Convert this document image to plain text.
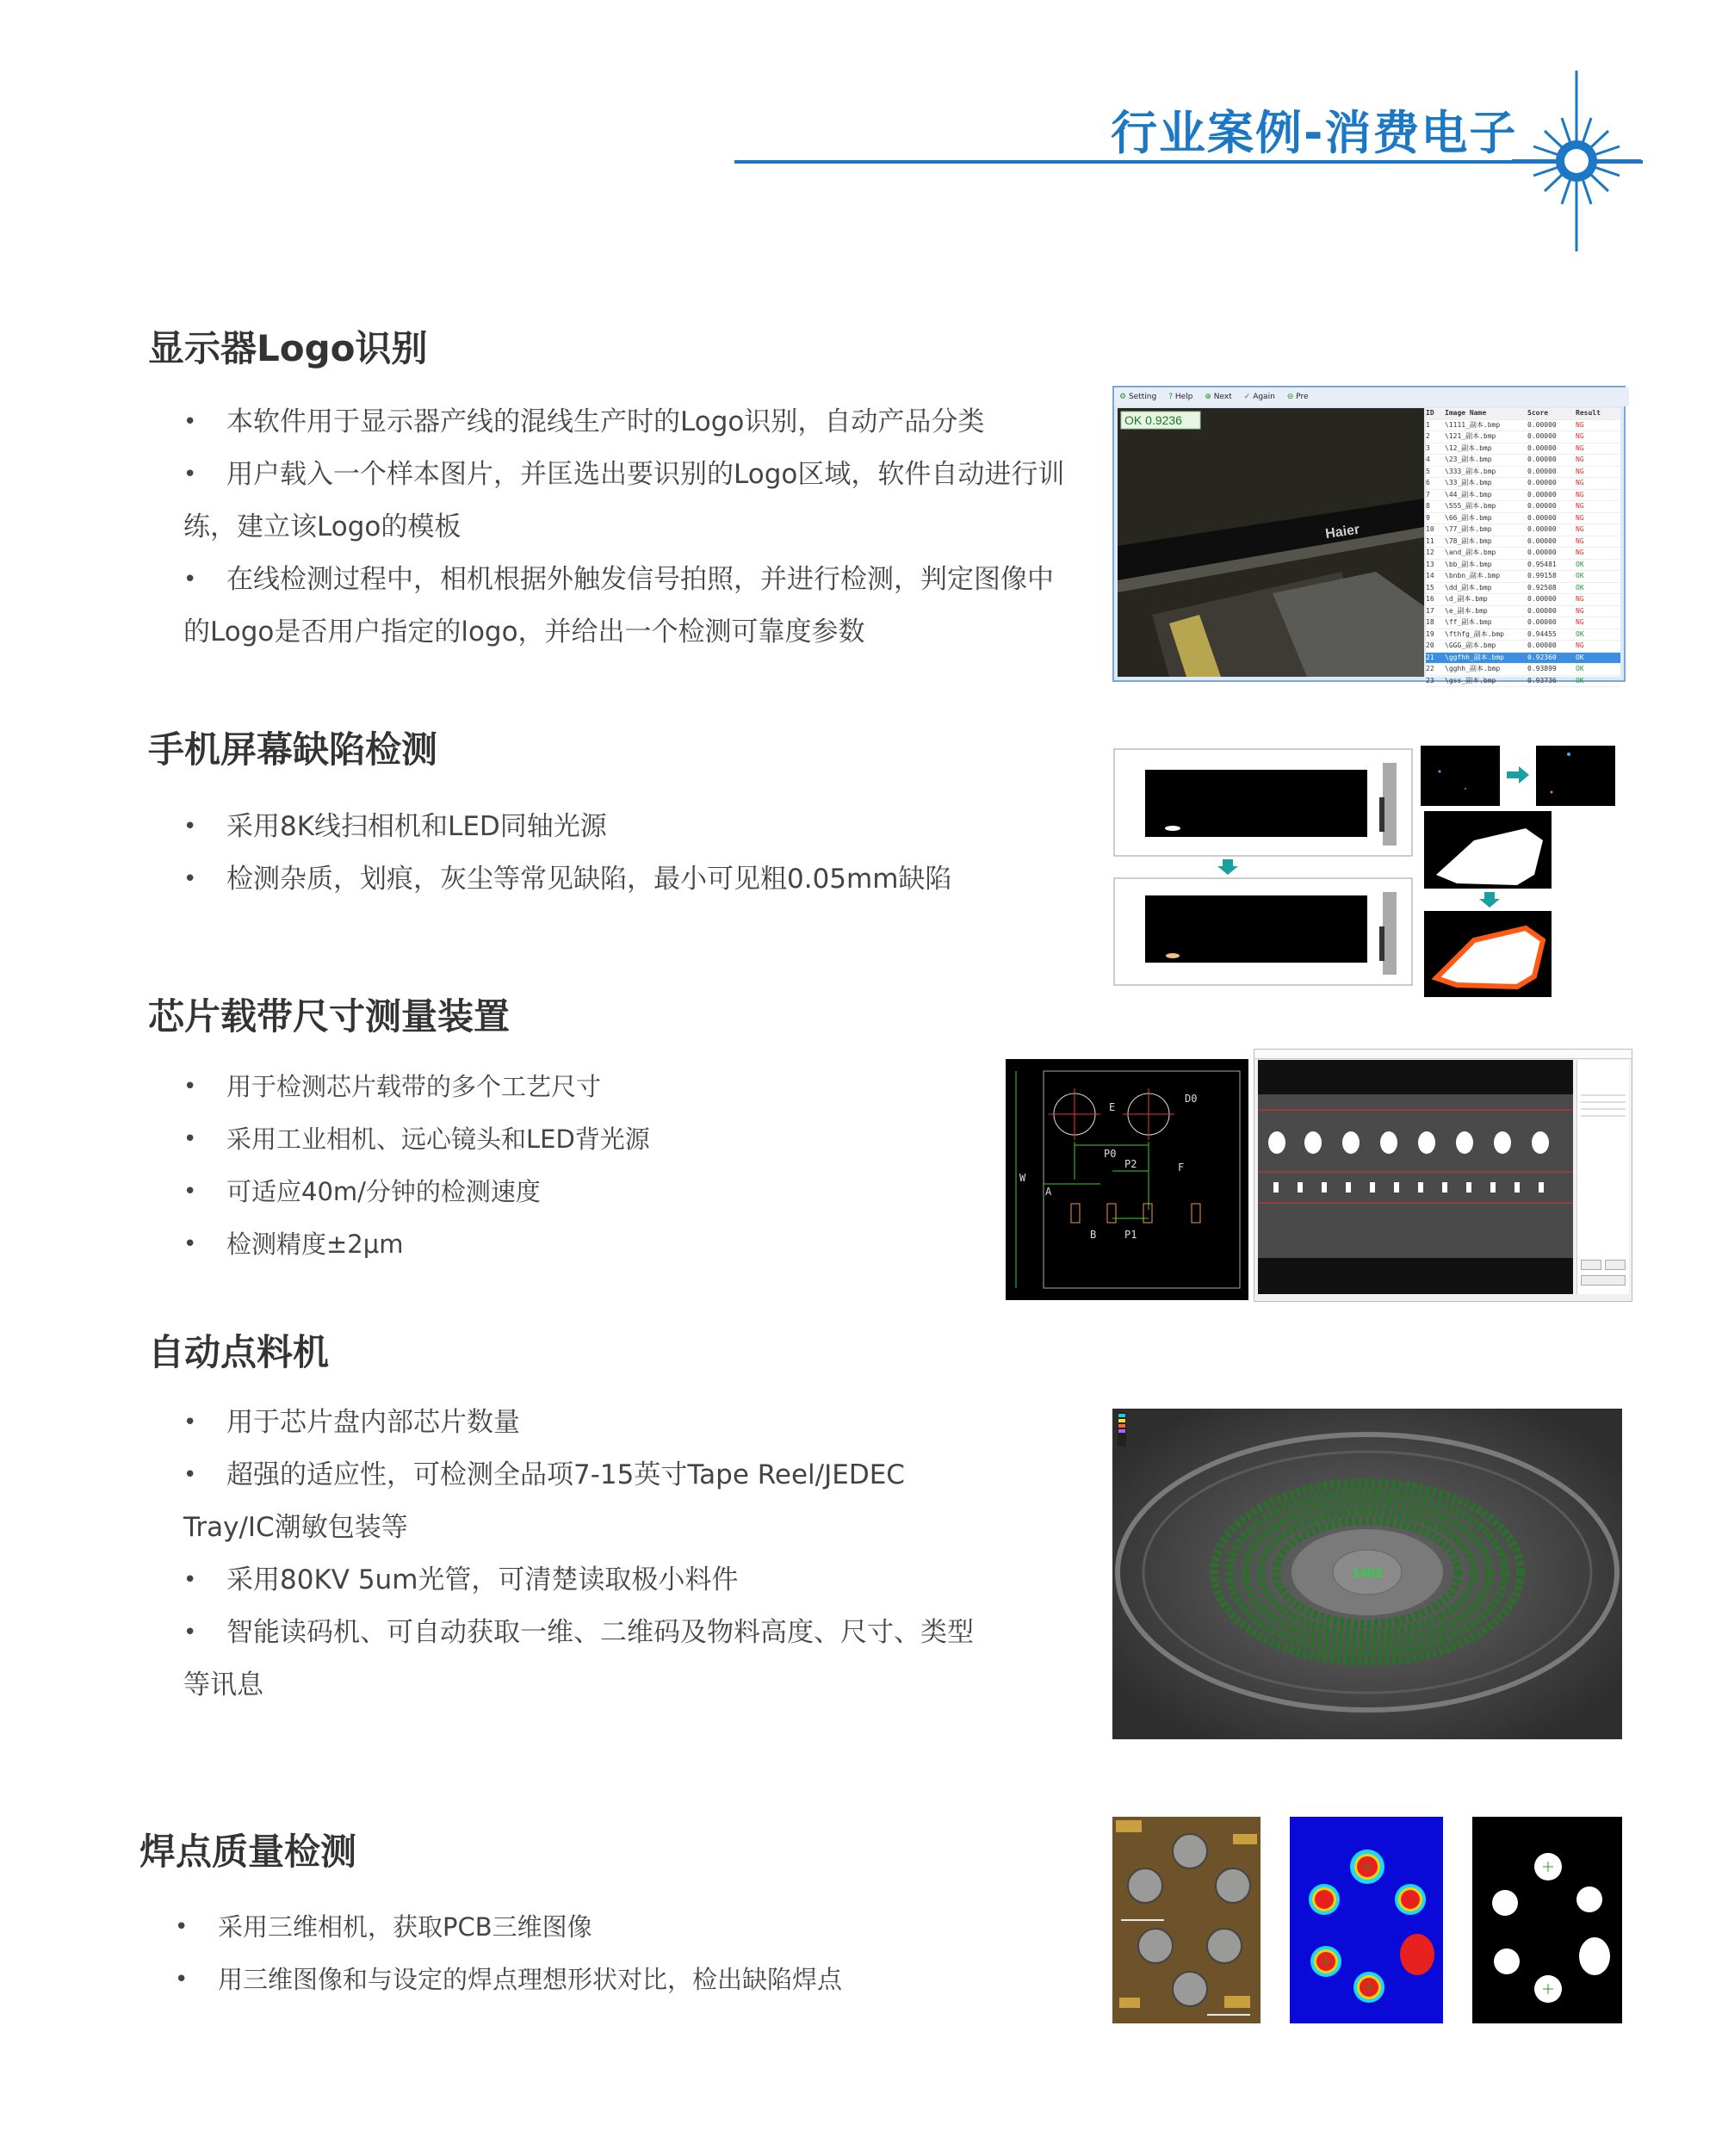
行业案例-消费电子
显示器Logo识别
• 本软件用于显示器产线的混线生产时的Logo识别，自动产品分类
• 用户载入一个样本图片，并匡选出要识别的Logo区域，软件自动进行训练，建立该Logo的模板
• 在线检测过程中，相机根据外触发信号拍照，并进行检测，判定图像中的Logo是否用户指定的logo，并给出一个检测可靠度参数
⚙ Setting ? Help ⊕ Next ✓ Again ⊖ Pre
Haier
OK 0.9236
ID	Image Name	Score	Result
1	\1111_副本.bmp	0.00000	NG
2	\121_副本.bmp	0.00000	NG
3	\12_副本.bmp	0.00000	NG
4	\23_副本.bmp	0.00000	NG
5	\333_副本.bmp	0.00000	NG
6	\33_副本.bmp	0.00000	NG
7	\44_副本.bmp	0.00000	NG
8	\555_副本.bmp	0.00000	NG
9	\66_副本.bmp	0.00000	NG
10	\77_副本.bmp	0.00000	NG
11	\78_副本.bmp	0.00000	NG
12	\and_副本.bmp	0.00000	NG
13	\bb_副本.bmp	0.95481	OK
14	\bnbn_副本.bmp	0.99158	OK
15	\dd_副本.bmp	0.92508	OK
16	\d_副本.bmp	0.00000	NG
17	\e_副本.bmp	0.00000	NG
18	\ff_副本.bmp	0.00000	NG
19	\fthfg_副本.bmp	0.94455	OK
20	\GGG_副本.bmp	0.00000	NG
21	\ggfhh_副本.bmp	0.92360	OK
22	\gghh_副本.bmp	0.93899	OK
23	\gss_副本.bmp	0.93736	OK
手机屏幕缺陷检测
• 采用8K线扫相机和LED同轴光源
• 检测杂质，划痕，灰尘等常见缺陷，最小可见粗0.05mm缺陷
芯片载带尺寸测量装置
• 用于检测芯片载带的多个工艺尺寸
• 采用工业相机、远心镜头和LED背光源
• 可适应40m/分钟的检测速度
• 检测精度±2μm
D0
E
P0
P2	F
A
B	P1
W
自动点料机
• 用于芯片盘内部芯片数量
• 超强的适应性，可检测全品项7-15英寸Tape Reel/JEDEC Tray/IC潮敏包装等
• 采用80KV 5um光管，可清楚读取极小料件
• 智能读码机、可自动获取一维、二维码及物料高度、尺寸、类型等讯息
1402
焊点质量检测
• 采用三维相机，获取PCB三维图像
• 用三维图像和与设定的焊点理想形状对比，检出缺陷焊点
